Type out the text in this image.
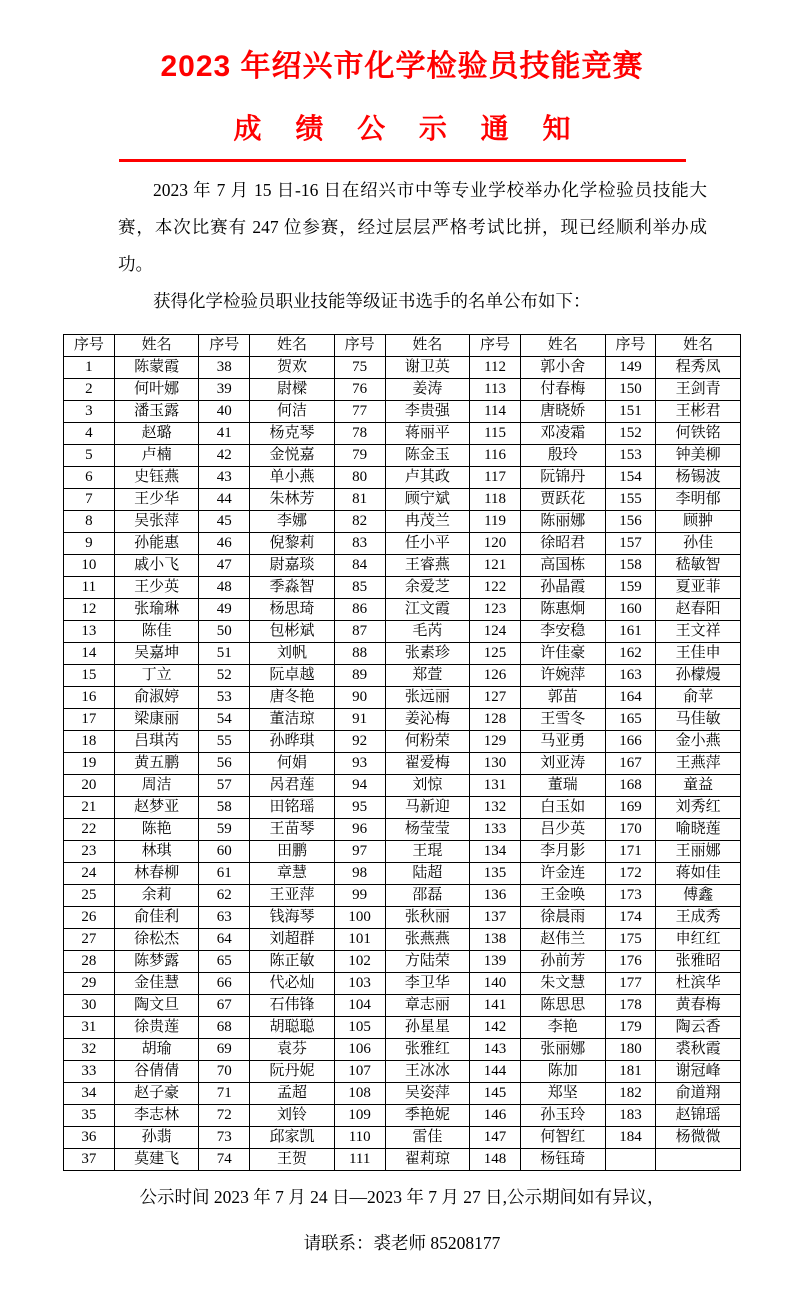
2023 年绍兴市化学检验员技能竞赛
成 绩 公 示 通 知

2023 年 7 月 15 日-16 日在绍兴市中等专业学校举办化学检验员技能大赛，本次比赛有 247 位参赛，经过层层严格考试比拼，现已经顺利举办成功。

获得化学检验员职业技能等级证书选手的名单公布如下：

序号	姓名	序号	姓名	序号	姓名	序号	姓名	序号	姓名
1	陈蒙霞	38	贺欢	75	谢卫英	112	郭小舍	149	程秀凤
2	何叶娜	39	尉樑	76	姜涛	113	付春梅	150	王剑青
3	潘玉露	40	何洁	77	李贵强	114	唐晓娇	151	王彬君
4	赵璐	41	杨克琴	78	蒋丽平	115	邓凌霜	152	何铁铭
5	卢楠	42	金悦嘉	79	陈金玉	116	殷玲	153	钟美柳
6	史钰燕	43	单小燕	80	卢其政	117	阮锦丹	154	杨锡波
7	王少华	44	朱林芳	81	顾宁斌	118	贾跃花	155	李明郁
8	吴张萍	45	李娜	82	冉茂兰	119	陈丽娜	156	顾翀
9	孙能惠	46	倪黎莉	83	任小平	120	徐昭君	157	孙佳
10	戚小飞	47	尉嘉琰	84	王睿燕	121	高国栋	158	嵇敏智
11	王少英	48	季淼智	85	余爱芝	122	孙晶霞	159	夏亚菲
12	张瑜琳	49	杨思琦	86	江文霞	123	陈惠炯	160	赵春阳
13	陈佳	50	包彬斌	87	毛芮	124	李安稳	161	王文祥
14	吴嘉坤	51	刘帆	88	张素珍	125	许佳豪	162	王佳申
15	丁立	52	阮卓越	89	郑萱	126	许婉萍	163	孙檬熳
16	俞淑婷	53	唐冬艳	90	张远丽	127	郭苗	164	俞苹
17	梁康丽	54	董洁琼	91	姜沁梅	128	王雪冬	165	马佳敏
18	吕琪芮	55	孙晔琪	92	何粉荣	129	马亚勇	166	金小燕
19	黄五鹏	56	何娟	93	翟爱梅	130	刘亚涛	167	王燕萍
20	周洁	57	呙君莲	94	刘惊	131	董瑞	168	童益
21	赵梦亚	58	田铭瑶	95	马新迎	132	白玉如	169	刘秀红
22	陈艳	59	王苗琴	96	杨莹莹	133	吕少英	170	喻晓莲
23	林琪	60	田鹏	97	王琨	134	李月影	171	王丽娜
24	林春柳	61	章慧	98	陆超	135	许金连	172	蒋如佳
25	余莉	62	王亚萍	99	邵磊	136	王金唤	173	傅鑫
26	俞佳利	63	钱海琴	100	张秋丽	137	徐晨雨	174	王成秀
27	徐松杰	64	刘超群	101	张燕燕	138	赵伟兰	175	申红红
28	陈梦露	65	陈正敏	102	方陆荣	139	孙前芳	176	张雅昭
29	金佳慧	66	代必灿	103	李卫华	140	朱文慧	177	杜滨华
30	陶文旦	67	石伟锋	104	章志丽	141	陈思思	178	黄春梅
31	徐贵莲	68	胡聪聪	105	孙星星	142	李艳	179	陶云香
32	胡瑜	69	袁芬	106	张雅红	143	张丽娜	180	裘秋霞
33	谷倩倩	70	阮丹妮	107	王冰冰	144	陈加	181	谢冠峰
34	赵子豪	71	孟超	108	吴姿萍	145	郑坚	182	俞道翔
35	李志林	72	刘铃	109	季艳妮	146	孙玉玲	183	赵锦瑶
36	孙翡	73	邱家凯	110	雷佳	147	何智红	184	杨微微
37	莫建飞	74	王贺	111	翟莉琼	148	杨钰琦		

公示时间 2023 年 7 月 24 日—2023 年 7 月 27 日,公示期间如有异议，

请联系：裘老师 85208177
